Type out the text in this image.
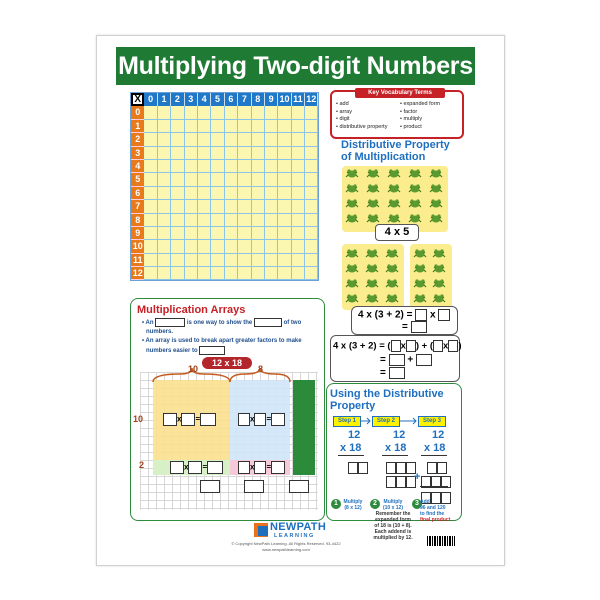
Multiplying Two-digit Numbers
X 0 1 2 3 4 5 6 7 8 9 10 11 12
0
1
2
3
4
5
6
7
8
9
10
11
12
Key Vocabulary Terms
• add
• array
• digit
• distributive property
• expanded form
• factor
• multiply
• product
Distributive Property
of Multiplication
4 x 5
4 x (3 + 2) = x
=
4 x (3 + 2) = ( x ) + ( x )
= +
=
Multiplication Arrays
• An	is one way to show the	of two
numbers.
• An array is used to break apart greater factors to make
numbers easier to
12 x 18
10	8
10
2
x =	x =
x =	x =

Using the Distributive
Property
Step 1	Step 2	Step 3
12
x 18
12
x 18
12
x 18
+
1	Multiply
(8 x 12)
2	Multiply
(10 x 12)
Remember the
expanded form
of 18 is (10 + 8).
Each addend is
multiplied by 12.
3 Add
96 and 120
to find the
final product
NEWPATH
LEARNING
© Copyright NewPath Learning. All Rights Reserved. 93-4422
www.newpathlearning.com
